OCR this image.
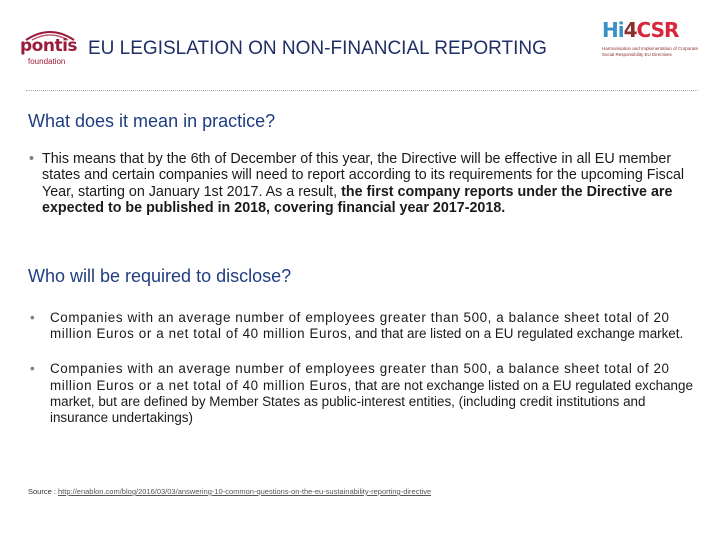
pontis
foundation
EU LEGISLATION ON NON-FINANCIAL REPORTING
Hi4CSR
Harmonisation and Implementation of Corporate Social Responsibility EU Directives
What does it mean in practice?
• This means that by the 6th of December of this year, the Directive will be effective in all EU member states and certain companies will need to report according to its requirements for the upcoming Fiscal Year, starting on January 1st 2017. As a result, the first company reports under the Directive are expected to be published in 2018, covering financial year 2017-2018.
Who will be required to disclose?
• Companies with an average number of employees greater than 500, a balance sheet total of 20 million Euros or a net total of 40 million Euros, and that are listed on a EU regulated exchange market.
• Companies with an average number of employees greater than 500, a balance sheet total of 20 million Euros or a net total of 40 million Euros, that are not exchange listed on a EU regulated exchange market, but are defined by Member States as public-interest entities, (including credit institutions and insurance undertakings)
Source : http://enablon.com/blog/2016/03/03/answering-10-common-questions-on-the-eu-sustainability-reporting-directive
